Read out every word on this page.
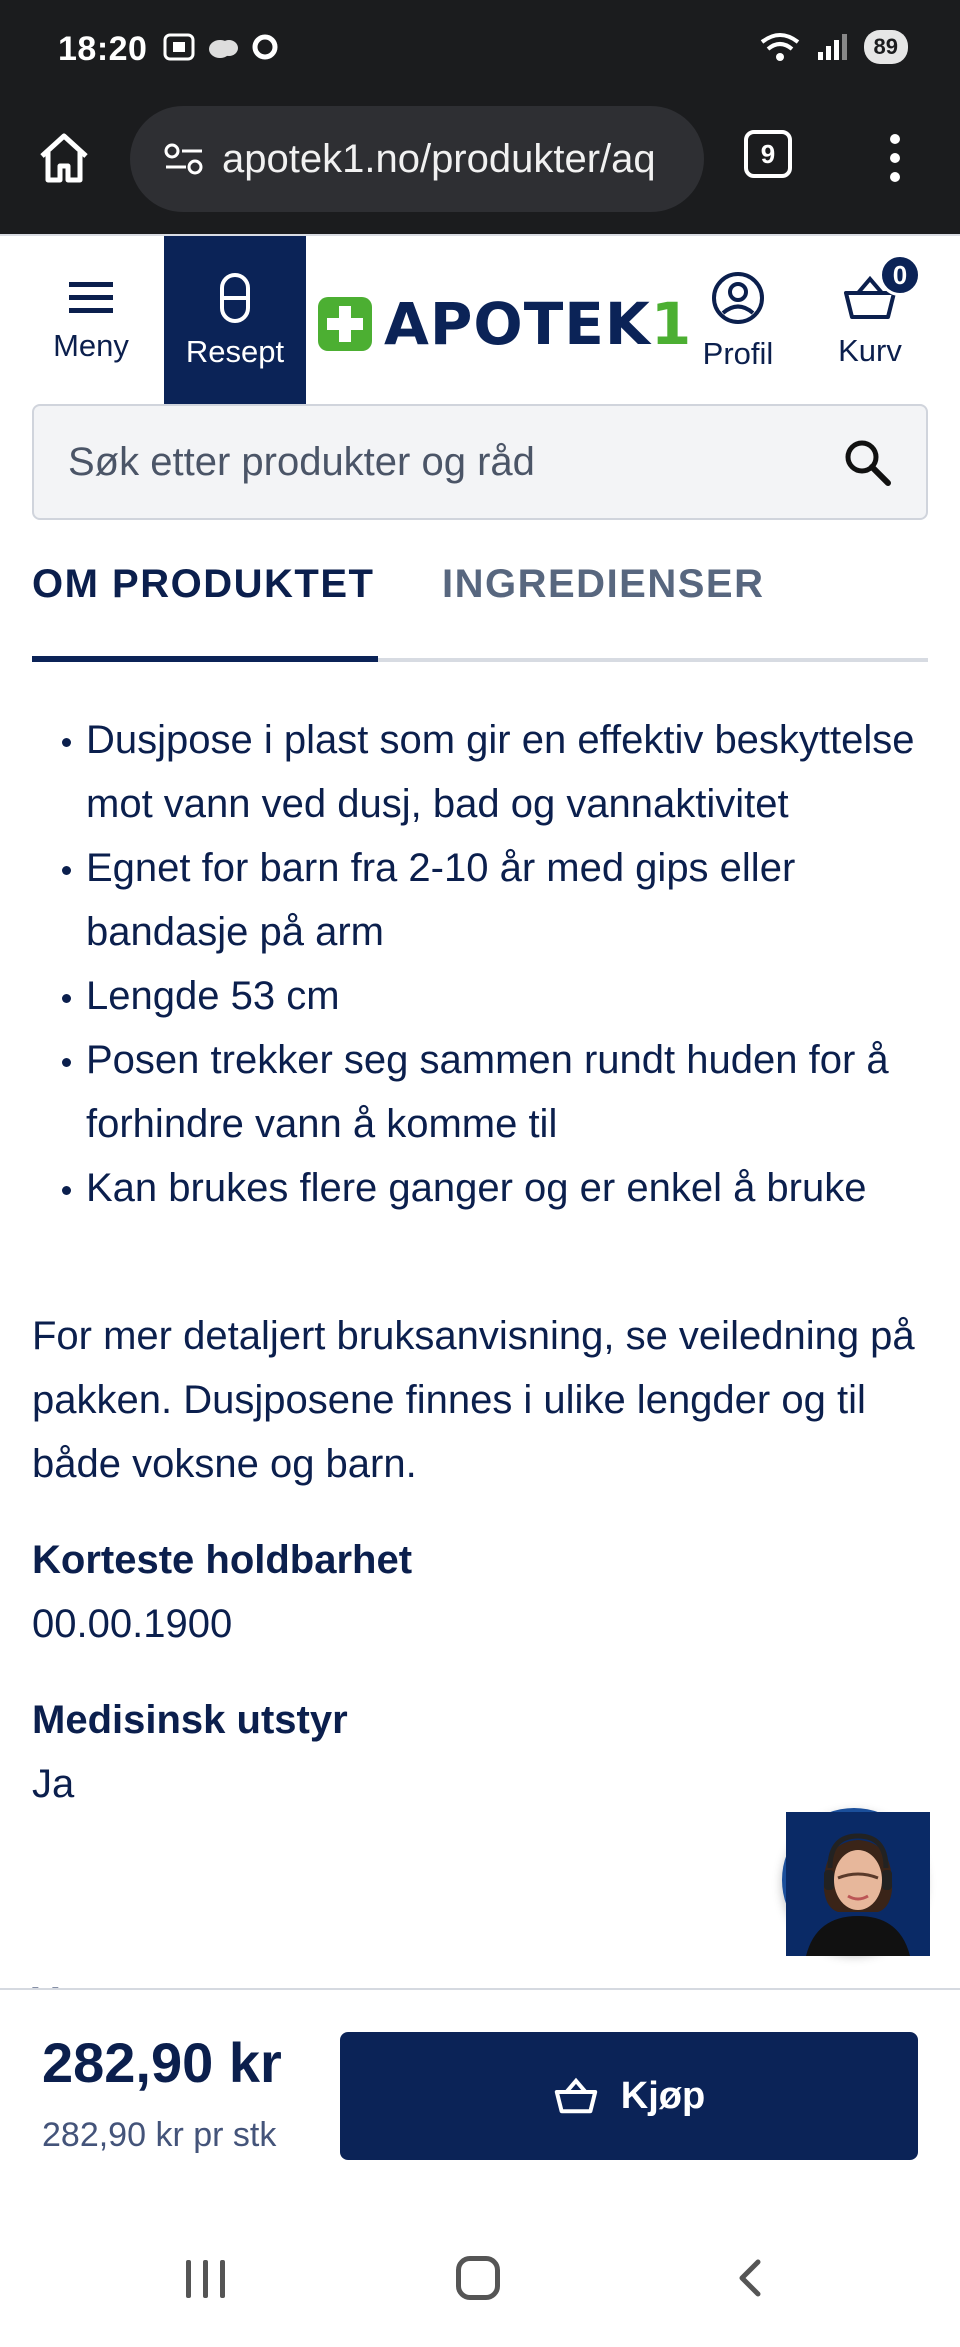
18:20	89
apotek1.no/produkter/aq	9
Meny Resept APOTEK1 Profil Kurv
0
Søk etter produkter og råd
OM PRODUKTET INGREDIENSER
Dusjpose i plast som gir en effektiv beskyttelse mot vann ved dusj, bad og vannaktivitet
Egnet for barn fra 2-10 år med gips eller bandasje på arm
Lengde 53 cm
Posen trekker seg sammen rundt huden for å forhindre vann å komme til
Kan brukes flere ganger og er enkel å bruke

For mer detaljert bruksanvisning, se veiledning på pakken. Dusjposene finnes i ulike lengder og til både voksne og barn.

Korteste holdbarhet
00.00.1900
Medisinsk utstyr
Ja
282,90 kr
282,90 kr pr stk
Kjøp
